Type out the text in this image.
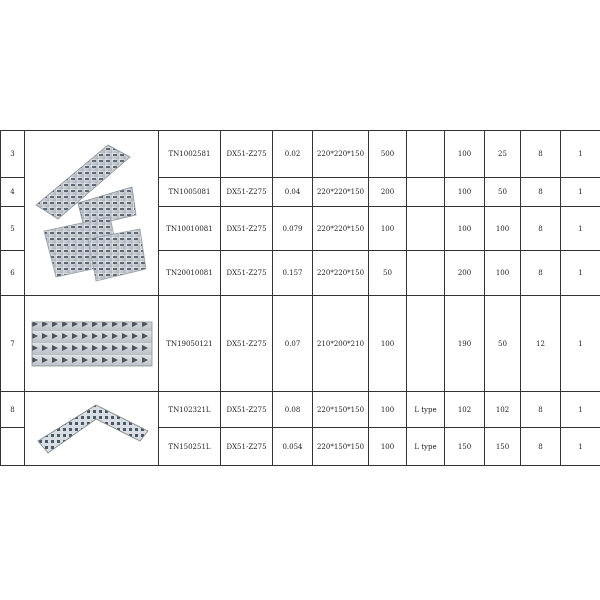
3		TN1002581	DX51-Z275	0.02	220*220*150	500		100	25	8	1
4		TN1005081	DX51-Z275	0.04	220*220*150	200		100	50	8	1
5		TN10010081	DX51-Z275	0.079	220*220*150	100		100	100	8	1
6		TN20010081	DX51-Z275	0.157	220*220*150	50		200	100	8	1
7		TN19050121	DX51-Z275	0.07	210*200*210	100		190	50	12	1
8		TN102321L	DX51-Z275	0.08	220*150*150	100	L type	102	102	8	1
		TN150251L	DX51-Z275	0.054	220*150*150	100	L type	150	150	8	1
